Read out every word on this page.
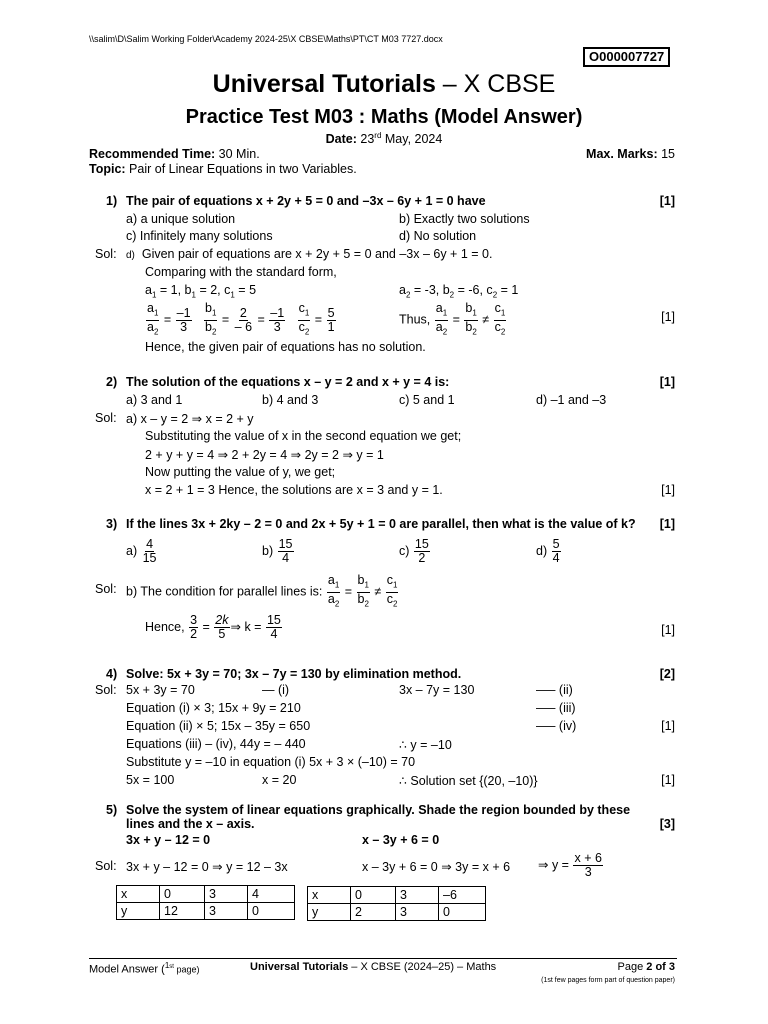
\\salim\D\Salim Working Folder\Academy 2024-25\X CBSE\Maths\PT\CT M03 7727.docx
O000007727
Universal Tutorials – X CBSE
Practice Test M03 : Maths (Model Answer)
Date: 23rd May, 2024
Recommended Time: 30 Min.	Max. Marks: 15
Topic: Pair of Linear Equations in two Variables.
1) The pair of equations x + 2y + 5 = 0 and –3x – 6y + 1 = 0 have	[1]
a) a unique solution	b) Exactly two solutions
c) Infinitely many solutions	d) No solution
Sol: d) Given pair of equations are x + 2y + 5 = 0 and –3x – 6y + 1 = 0.
Comparing with the standard form,
$a_1 = 1$, $b_1 = 2$, $c_1 = 5$	$a_2 = -3$, $b_2 = -6$, $c_2 = 1$
$\frac{a_1}{a_2} = \frac{-1}{3}$
$\frac{b_1}{b_2} = \frac{2}{- 6} = \frac{-1}{3}$
$\frac{c_1}{c_2} = \frac{5}{1}$	Thus, $\frac{a_1}{a_2} = \frac{b_1}{b_2} \ne \frac{c_1}{c_2}$	[1]
Hence, the given pair of equations has no solution.
2) The solution of the equations x – y = 2 and x + y = 4 is:	[1]
a) 3 and 1	b) 4 and 3	c) 5 and 1	d) –1 and –3
Sol: a) x – y = 2 ⇒ x = 2 + y
Substituting the value of x in the second equation we get;
2 + y + y = 4 ⇒ 2 + 2y = 4 ⇒ 2y = 2 ⇒ y = 1
Now putting the value of y, we get;
x = 2 + 1 = 3 Hence, the solutions are x = 3 and y = 1.	[1]
3) If the lines 3x + 2ky – 2 = 0 and 2x + 5y + 1 = 0 are parallel, then what is the value of k? [1]
$a) \frac{4}{15}$	$b) \frac{15}{4}$	$c) \frac{15}{2}$	$d) \frac{5}{4}$
Sol: b) The condition for parallel lines is: $\frac{a_1}{a_2} = \frac{b_1}{b_2} \ne \frac{c_1}{c_2}$
Hence, $\frac{3}{2} = \frac{2k}{5}$ ⇒ $k = \frac{15}{4}$	[1]
4) Solve: 5x + 3y = 70; 3x – 7y = 130 by elimination method.	[2]
Sol: 5x + 3y = 70	— (i)	3x – 7y = 130	—– (ii)
Equation (i) × 3; 15x + 9y = 210	—– (iii)
Equation (ii) × 5; 15x – 35y = 650	—– (iv)	[1]
Equations (iii) – (iv), 44y = – 440	∴ y = –10
Substitute y = –10 in equation (i) 5x + 3 × (–10) = 70
5x = 100	x = 20	∴ Solution set {(20, –10)}	[1]
5) Solve the system of linear equations graphically. Shade the region bounded by these
lines and the x – axis.	[3]
3x + y – 12 = 0	x – 3y + 6 = 0
Sol: 3x + y – 12 = 0 ⇒ y = 12 – 3x	x – 3y + 6 = 0 ⇒ 3y = x + 6 ⇒ $y = \frac{x + 6}{3}$
x	0	3	4
y	12	3	0
x	0	3	–6
y	2	3	0
Model Answer ($^{1st}$ page)	Universal Tutorials – X CBSE (2024–25) – Maths	Page 2 of 3
(1st few pages form part of question paper)
